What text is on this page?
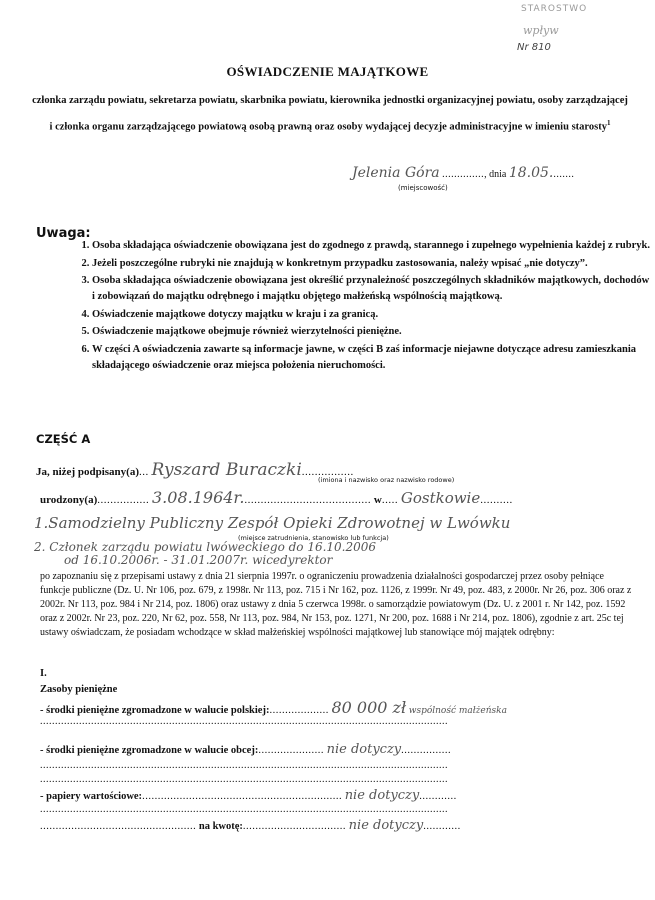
STAROSTWO
wpływ
Nr 810
OŚWIADCZENIE MAJĄTKOWE
członka zarządu powiatu, sekretarza powiatu, skarbnika powiatu, kierownika jednostki organizacyjnej powiatu, osoby zarządzającej i członka organu zarządzającego powiatową osobą prawną oraz osoby wydającej decyzje administracyjne w imieniu starosty$^1$
Jelenia Góra .............., dnia 18.05........
(miejscowość)
Uwaga:
1. Osoba składająca oświadczenie obowiązana jest do zgodnego z prawdą, starannego i zupełnego wypełnienia każdej z rubryk.
2. Jeżeli poszczególne rubryki nie znajdują w konkretnym przypadku zastosowania, należy wpisać „nie dotyczy”.
3. Osoba składająca oświadczenie obowiązana jest określić przynależność poszczególnych składników majątkowych, dochodów i zobowiązań do majątku odrębnego i majątku objętego małżeńską wspólnością majątkową.
4. Oświadczenie majątkowe dotyczy majątku w kraju i za granicą.
5. Oświadczenie majątkowe obejmuje również wierzytelności pieniężne.
6. W części A oświadczenia zawarte są informacje jawne, w części B zaś informacje niejawne dotyczące adresu zamieszkania składającego oświadczenie oraz miejsca położenia nieruchomości.
CZĘŚĆ A
Ja, niżej podpisany(a)... Ryszard Buraczki................
(imiona i nazwisko oraz nazwisko rodowe)
urodzony(a)................ 3.08.1964r........................................ w..... Gostkowie..........
1.Samodzielny Publiczny Zespół Opieki Zdrowotnej w Lwówku
(miejsce zatrudnienia, stanowisko lub funkcja)
2. Członek zarządu powiatu lwóweckiego do 16.10.2006
od 16.10.2006r. - 31.01.2007r. wicedyrektor
po zapoznaniu się z przepisami ustawy z dnia 21 sierpnia 1997r. o ograniczeniu prowadzenia działalności gospodarczej przez osoby pełniące funkcje publiczne (Dz. U. Nr 106, poz. 679, z 1998r. Nr 113, poz. 715 i Nr 162, poz. 1126, z 1999r. Nr 49, poz. 483, z 2000r. Nr 26, poz. 306 oraz z 2002r. Nr 113, poz. 984 i Nr 214, poz. 1806) oraz ustawy z dnia 5 czerwca 1998r. o samorządzie powiatowym (Dz. U. z 2001 r. Nr 142, poz. 1592 oraz z 2002r. Nr 23, poz. 220, Nr 62, poz. 558, Nr 113, poz. 984, Nr 153, poz. 1271, Nr 200, poz. 1688 i Nr 214, poz. 1806), zgodnie z art. 25c tej ustawy oświadczam, że posiadam wchodzące w skład małżeńskiej wspólności majątkowej lub stanowiące mój majątek odrębny:
I.
Zasoby pieniężne
- środki pieniężne zgromadzone w walucie polskiej:................... 80 000 zł wspólność małżeńska
........................................................................................................................................
- środki pieniężne zgromadzone w walucie obcej:..................... nie dotyczy................
........................................................................................................................................
........................................................................................................................................
- papiery wartościowe:................................................................ nie dotyczy............
........................................................................................................................................
.................................................. na kwotę:................................. nie dotyczy............
